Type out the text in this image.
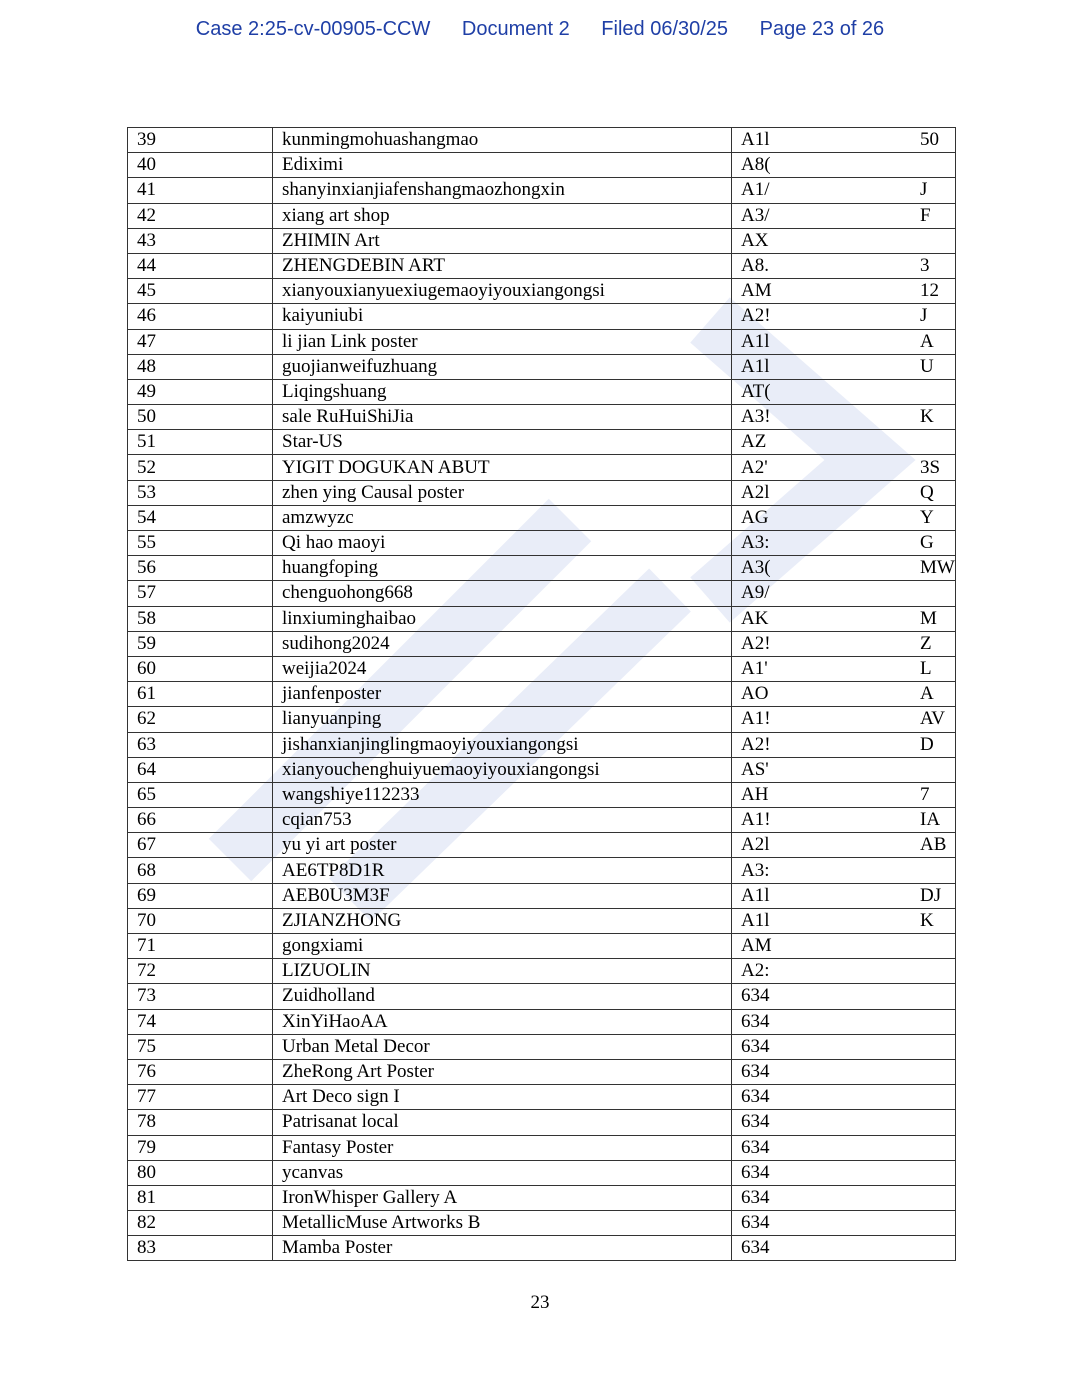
Case 2:25-cv-00905-CCW Document 2 Filed 06/30/25 Page 23 of 26
39	kunmingmohuashangmao	A1l		50

40	Ediximi	A8(		

41	shanyinxianjiafenshangmaozhongxin	A1/		J

42	xiang art shop	A3/		F

43	ZHIMIN Art	AX		

44	ZHENGDEBIN ART	A8.		3

45	xianyouxianyuexiugemaoyiyouxiangongsi	AM		12

46	kaiyuniubi	A2!		J

47	li jian Link poster	A1l		A

48	guojianweifuzhuang	A1l		U

49	Liqingshuang	AT(		

50	sale RuHuiShiJia	A3!		K

51	Star-US	AZ		

52	YIGIT DOGUKAN ABUT	A2'		3S

53	zhen ying Causal poster	A2l		Q

54	amzwyzc	AG		Y

55	Qi hao maoyi	A3:		G

56	huangfoping	A3(		MW

57	chenguohong668	A9/		

58	linxiuminghaibao	AK		M

59	sudihong2024	A2!		Z

60	weijia2024	A1'		L

61	jianfenposter	AO		A

62	lianyuanping	A1!		AV

63	jishanxianjinglingmaoyiyouxiangongsi	A2!		D

64	xianyouchenghuiyuemaoyiyouxiangongsi	AS'		

65	wangshiye112233	AH		7

66	cqian753	A1!		IA

67	yu yi art poster	A2l		AB

68	AE6TP8D1R	A3:		

69	AEB0U3M3F	A1l		DJ

70	ZJIANZHONG	A1l		K

71	gongxiami	AM		

72	LIZUOLIN	A2:		

73	Zuidholland	634		

74	XinYiHaoAA	634		

75	Urban Metal Decor	634		

76	ZheRong Art Poster	634		

77	Art Deco sign I	634		

78	Patrisanat local	634		

79	Fantasy Poster	634		

80	ycanvas	634		

81	IronWhisper Gallery A	634		

82	MetallicMuse Artworks B	634		

83	Mamba Poster	634		

23
